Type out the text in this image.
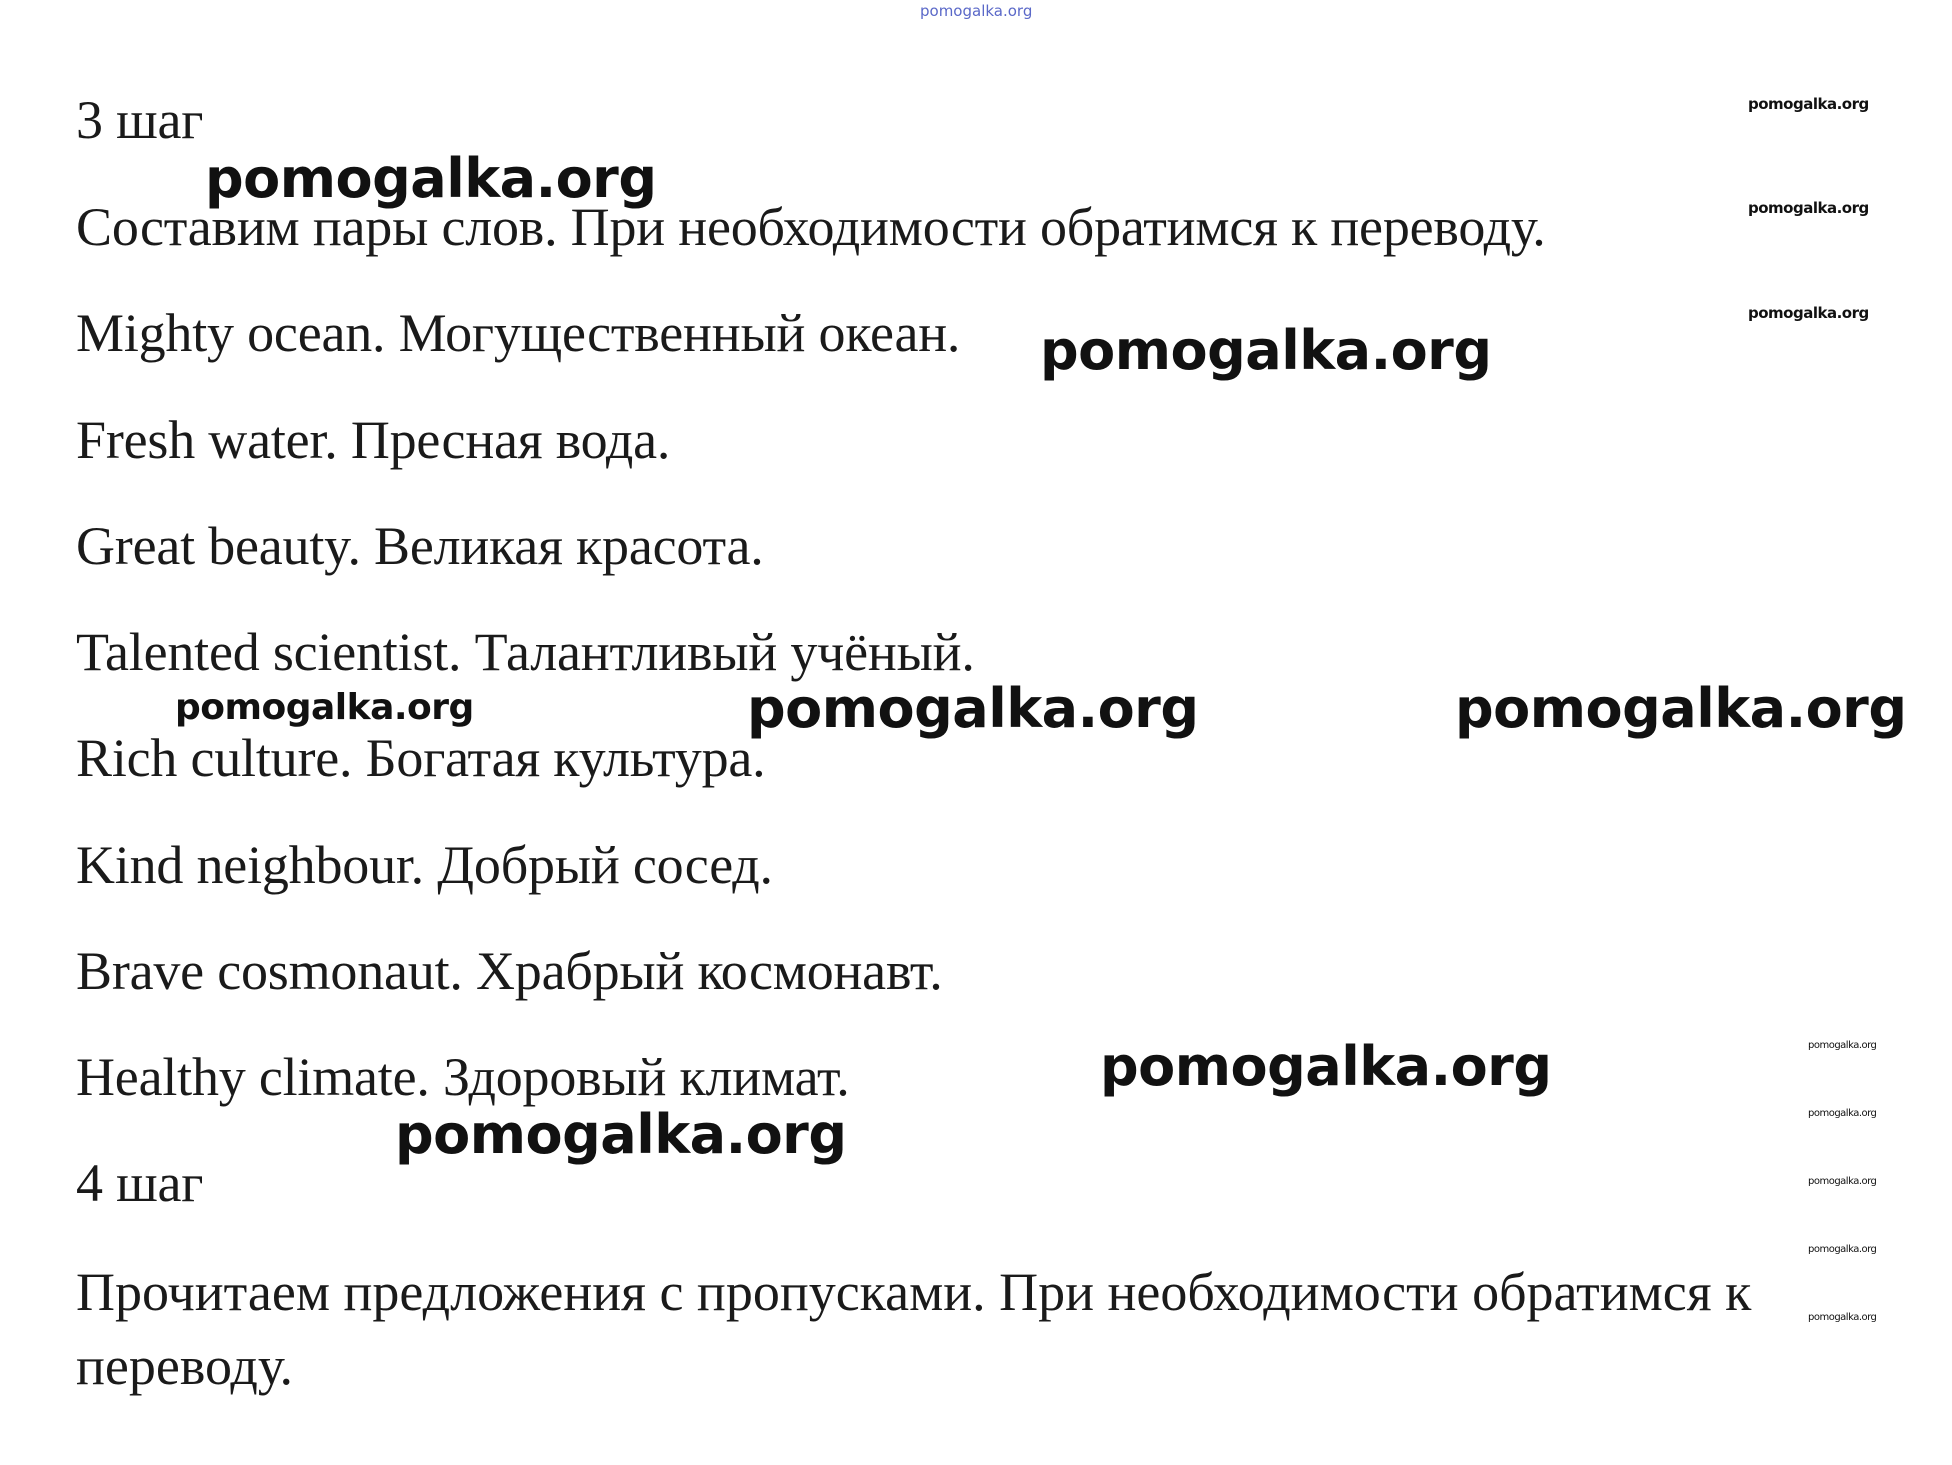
pomogalka.org
3 шаг
Составим пары слов. При необходимости обратимся к переводу.
Mighty ocean. Могущественный океан.
Fresh water. Пресная вода.
Great beauty. Великая красота.
Talented scientist. Талантливый учёный.
Rich culture. Богатая культура.
Kind neighbour. Добрый сосед.
Brave cosmonaut. Храбрый космонавт.
Healthy climate. Здоровый климат.
4 шаг
Прочитаем предложения с пропусками. При необходимости обратимся к переводу.
pomogalka.org
pomogalka.org
pomogalka.org	pomogalka.org
pomogalka.org
pomogalka.org
pomogalka.org
pomogalka.org
pomogalka.org
pomogalka.org
pomogalka.org
pomogalka.org
pomogalka.org
pomogalka.org
pomogalka.org
